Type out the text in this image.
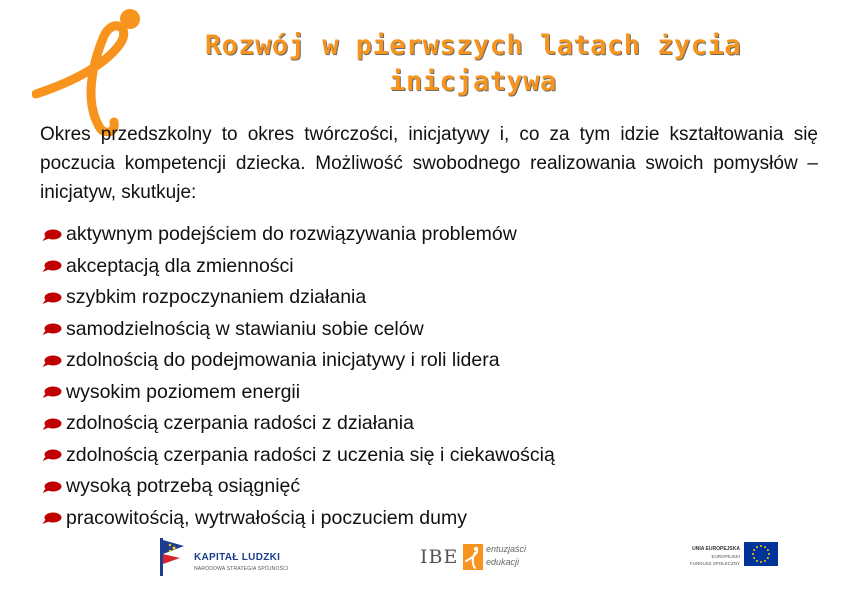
Rozwój w pierwszych latach życia
inicjatywa

Okres przedszkolny to okres twórczości, inicjatywy i, co za tym idzie kształtowania się poczucia kompetencji dziecka. Możliwość swobodnego realizowania swoich pomysłów – inicjatyw, skutkuje:

aktywnym podejściem do rozwiązywania problemów
akceptacją dla zmienności
szybkim rozpoczynaniem działania
samodzielnością w stawianiu sobie celów
zdolnością do podejmowania inicjatywy i roli lidera
wysokim poziomem energii
zdolnością czerpania radości z działania
zdolnością czerpania radości z uczenia się i ciekawością
wysoką potrzebą osiągnięć
pracowitością, wytrwałością i poczuciem dumy
KAPITAŁ LUDZKI
NARODOWA STRATEGIA SPÓJNOŚCI
IBE	entuzjaści
edukacji
UNIA EUROPEJSKA
EUROPEJSKI
FUNDUSZ SPOŁECZNY
